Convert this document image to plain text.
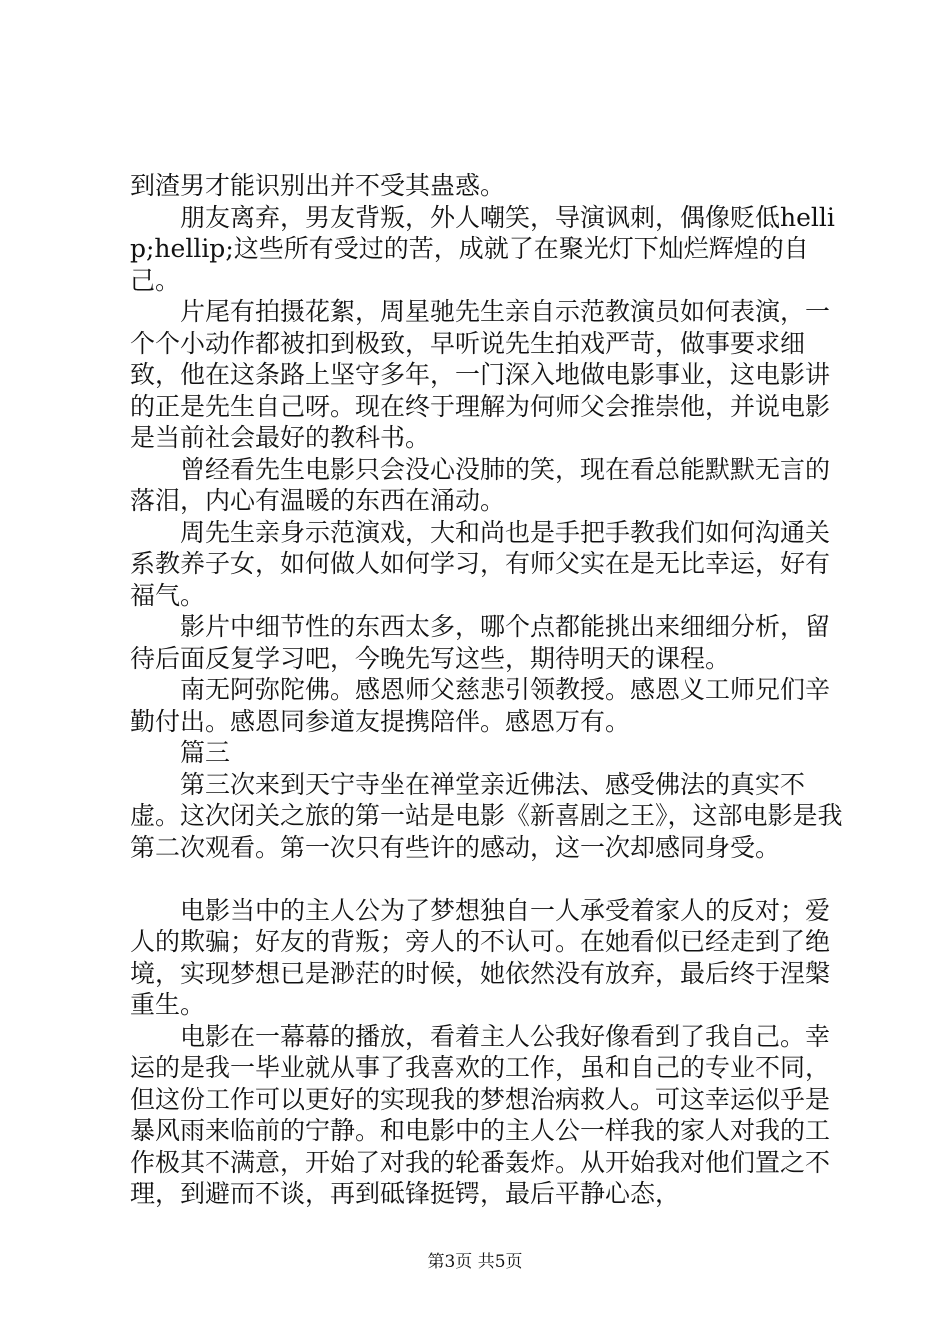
到渣男才能识别出并不受其蛊惑。

朋友离弃，男友背叛，外人嘲笑，导演讽刺，偶像贬低hellip;hellip;这些所有受过的苦，成就了在聚光灯下灿烂辉煌的自己。

片尾有拍摄花絮，周星驰先生亲自示范教演员如何表演，一个个小动作都被扣到极致，早听说先生拍戏严苛，做事要求细致，他在这条路上坚守多年，一门深入地做电影事业，这电影讲的正是先生自己呀。现在终于理解为何师父会推崇他，并说电影是当前社会最好的教科书。

曾经看先生电影只会没心没肺的笑，现在看总能默默无言的落泪，内心有温暖的东西在涌动。

周先生亲身示范演戏，大和尚也是手把手教我们如何沟通关系教养子女，如何做人如何学习，有师父实在是无比幸运，好有福气。

影片中细节性的东西太多，哪个点都能挑出来细细分析，留待后面反复学习吧，今晚先写这些，期待明天的课程。

南无阿弥陀佛。感恩师父慈悲引领教授。感恩义工师兄们辛勤付出。感恩同参道友提携陪伴。感恩万有。

篇三

第三次来到天宁寺坐在禅堂亲近佛法、感受佛法的真实不虚。这次闭关之旅的第一站是电影《新喜剧之王》，这部电影是我第二次观看。第一次只有些许的感动，这一次却感同身受。

电影当中的主人公为了梦想独自一人承受着家人的反对；爱人的欺骗；好友的背叛；旁人的不认可。在她看似已经走到了绝境，实现梦想已是渺茫的时候，她依然没有放弃，最后终于涅槃重生。

电影在一幕幕的播放，看着主人公我好像看到了我自己。幸运的是我一毕业就从事了我喜欢的工作，虽和自己的专业不同，但这份工作可以更好的实现我的梦想治病救人。可这幸运似乎是暴风雨来临前的宁静。和电影中的主人公一样我的家人对我的工作极其不满意，开始了对我的轮番轰炸。从开始我对他们置之不理，到避而不谈，再到砥锋挺锷，最后平静心态，

第3页 共5页
